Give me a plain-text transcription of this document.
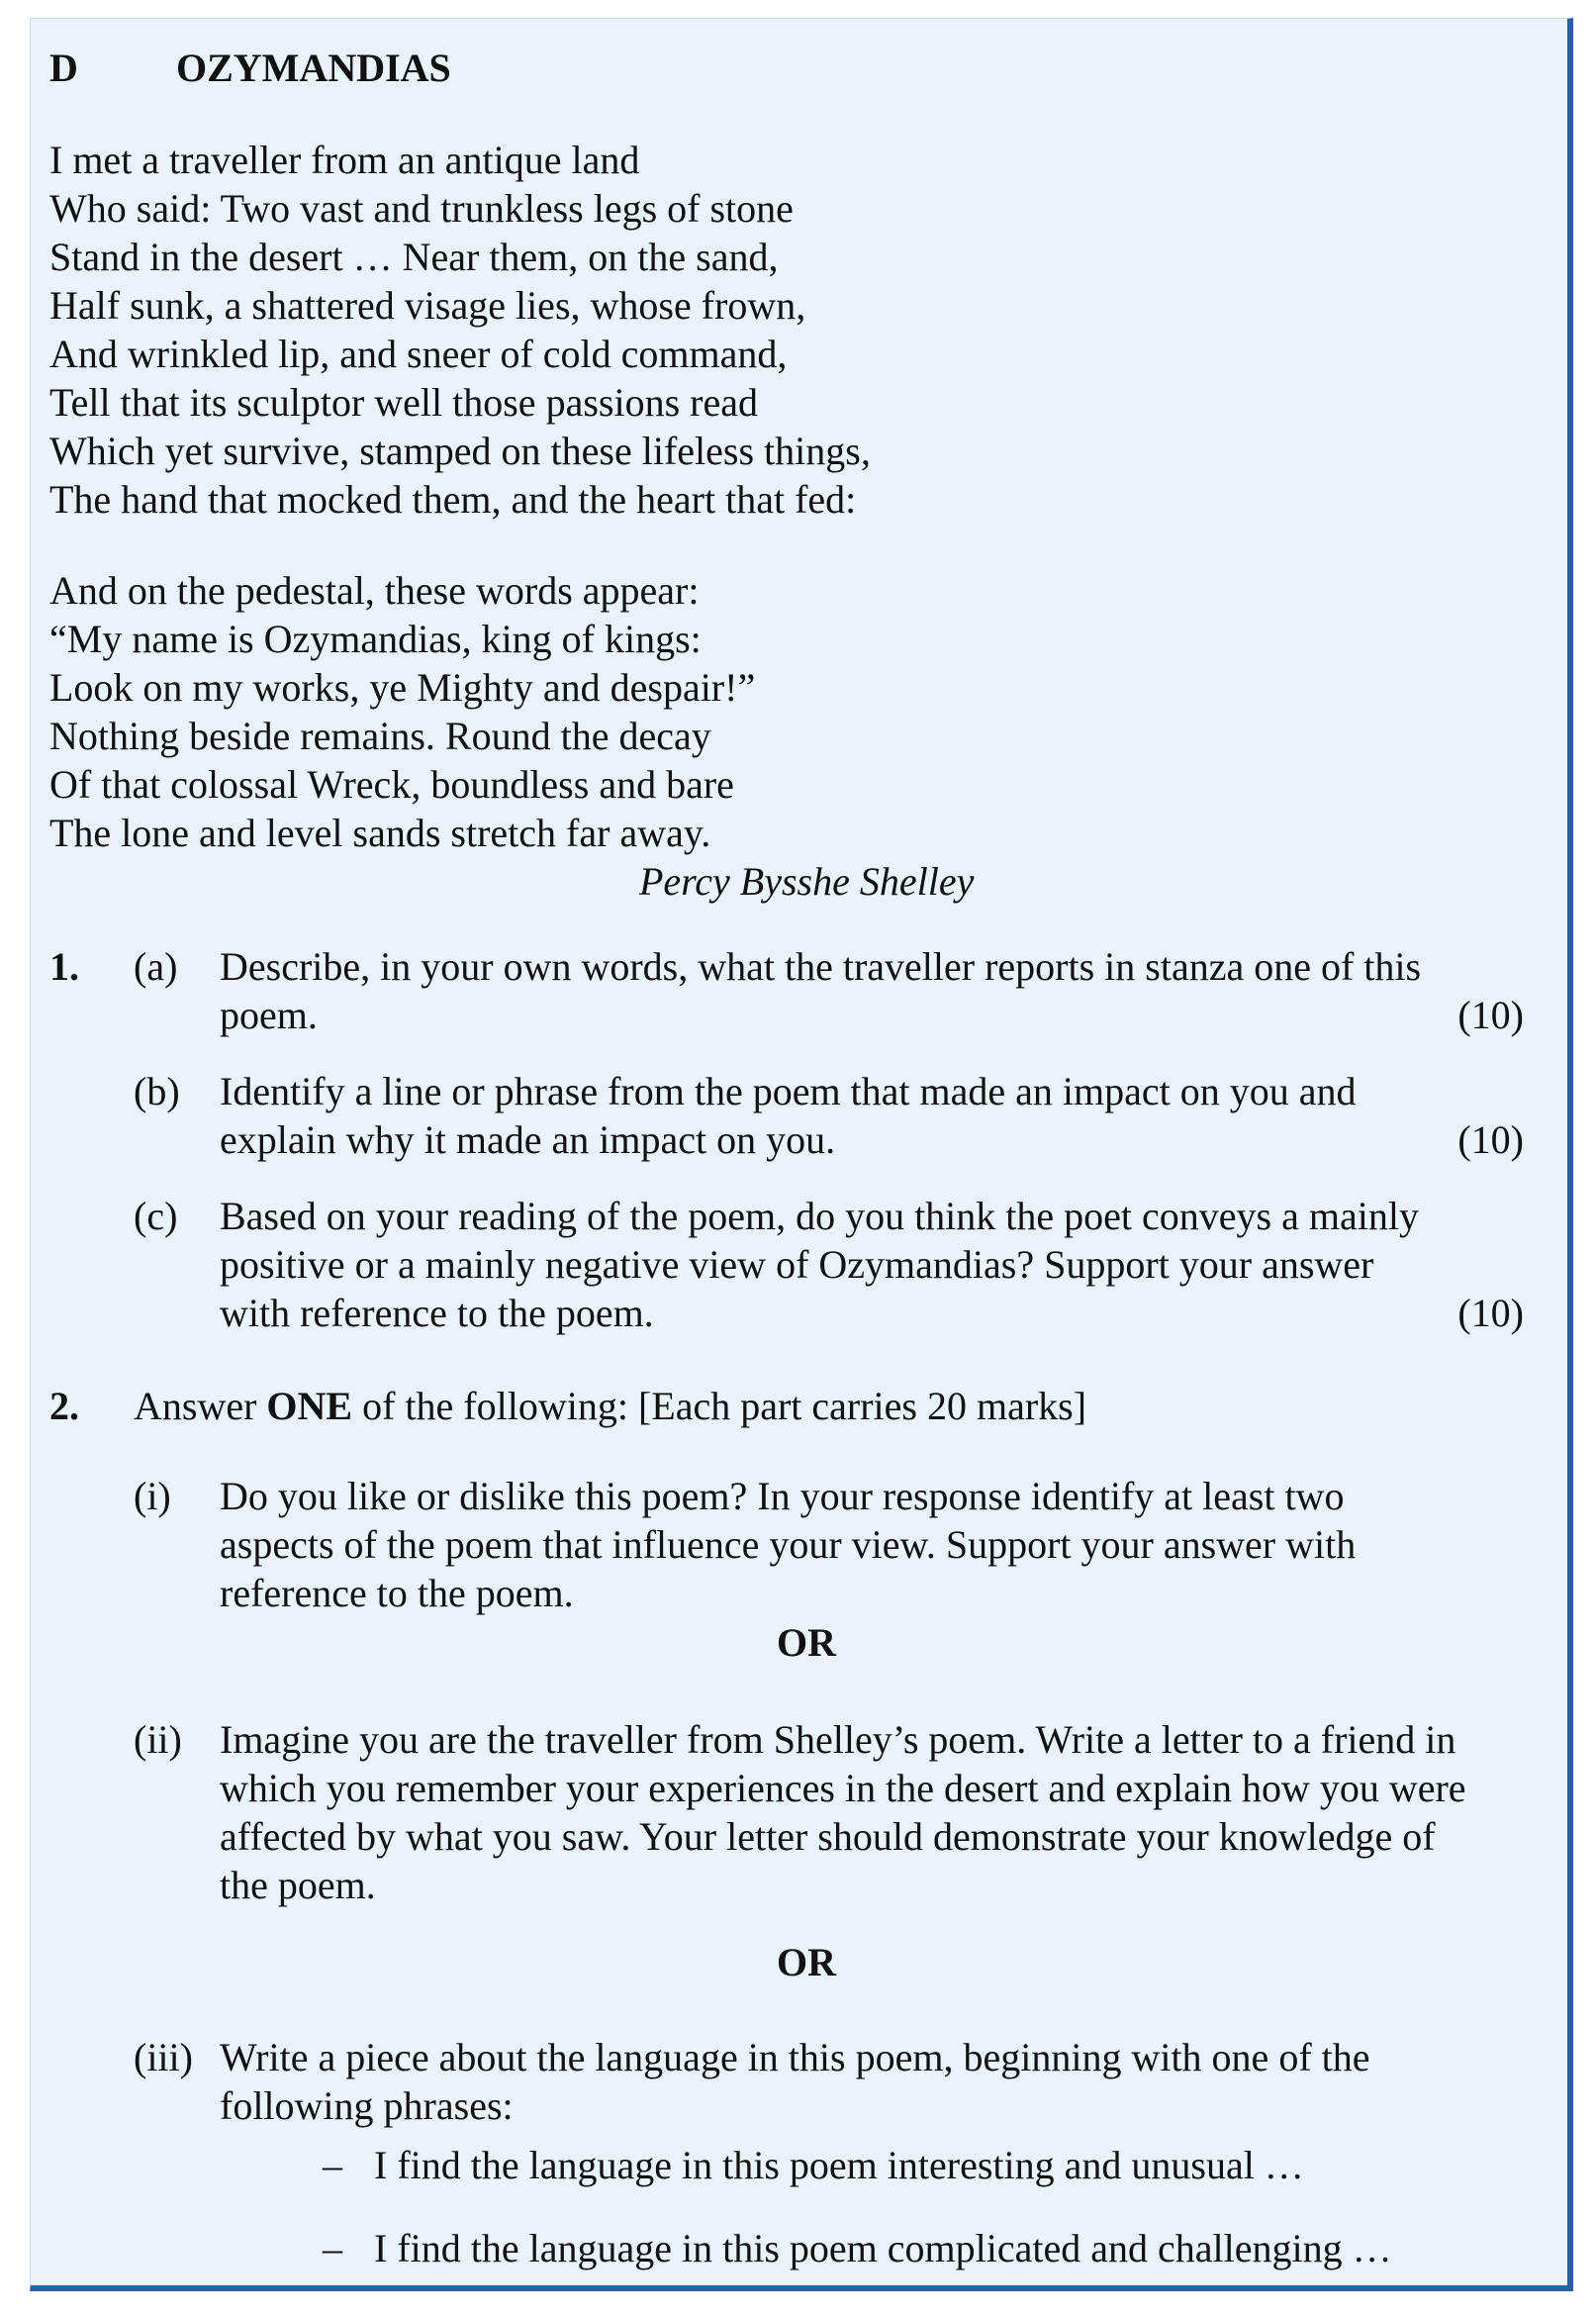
D OZYMANDIAS
I met a traveller from an antique land
Who said: Two vast and trunkless legs of stone
Stand in the desert … Near them, on the sand,
Half sunk, a shattered visage lies, whose frown,
And wrinkled lip, and sneer of cold command,
Tell that its sculptor well those passions read
Which yet survive, stamped on these lifeless things,
The hand that mocked them, and the heart that fed:
And on the pedestal, these words appear:
“My name is Ozymandias, king of kings:
Look on my works, ye Mighty and despair!”
Nothing beside remains. Round the decay
Of that colossal Wreck, boundless and bare
The lone and level sands stretch far away.
Percy Bysshe Shelley
1. (a) Describe, in your own words, what the traveller reports in stanza one of this
poem.	(10)
(b) Identify a line or phrase from the poem that made an impact on you and
explain why it made an impact on you.	(10)
(c) Based on your reading of the poem, do you think the poet conveys a mainly
positive or a mainly negative view of Ozymandias? Support your answer
with reference to the poem.	(10)
2. Answer ONE of the following: [Each part carries 20 marks]
(i) Do you like or dislike this poem? In your response identify at least two
aspects of the poem that influence your view. Support your answer with
reference to the poem.
OR
(ii) Imagine you are the traveller from Shelley’s poem. Write a letter to a friend in
which you remember your experiences in the desert and explain how you were
affected by what you saw. Your letter should demonstrate your knowledge of
the poem.
OR
(iii) Write a piece about the language in this poem, beginning with one of the
following phrases:
– I find the language in this poem interesting and unusual …
– I find the language in this poem complicated and challenging …
